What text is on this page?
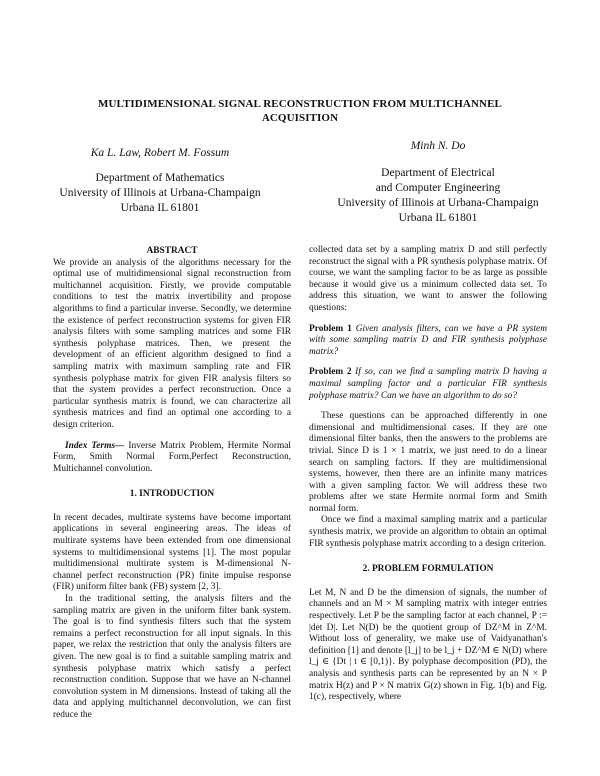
MULTIDIMENSIONAL SIGNAL RECONSTRUCTION FROM MULTICHANNEL
ACQUISITION
Ka L. Law, Robert M. Fossum
Department of Mathematics
University of Illinois at Urbana-Champaign
Urbana IL 61801
Minh N. Do
Department of Electrical
and Computer Engineering
University of Illinois at Urbana-Champaign
Urbana IL 61801

ABSTRACT

We provide an analysis of the algorithms necessary for the optimal use of multidimensional signal reconstruction from multichannel acquisition. Firstly, we provide computable conditions to test the matrix invertibility and propose algorithms to find a particular inverse. Secondly, we determine the existence of perfect reconstruction systems for given FIR analysis filters with some sampling matrices and some FIR synthesis polyphase matrices. Then, we present the development of an efficient algorithm designed to find a sampling matrix with maximum sampling rate and FIR synthesis polyphase matrix for given FIR analysis filters so that the system provides a perfect reconstruction. Once a particular synthesis matrix is found, we can characterize all synthesis matrices and find an optimal one according to a design criterion.

Index Terms— Inverse Matrix Problem, Hermite Normal Form, Smith Normal Form,Perfect Reconstruction, Multichannel convolution.

1. INTRODUCTION

In recent decades, multirate systems have become important applications in several engineering areas. The ideas of multirate systems have been extended from one dimensional systems to multidimensional systems [1]. The most popular multidimensional multirate system is M-dimensional N-channel perfect reconstruction (PR) finite impulse response (FIR) uniform filter bank (FB) system [2, 3].

In the traditional setting, the analysis filters and the sampling matrix are given in the uniform filter bank system. The goal is to find synthesis filters such that the system remains a perfect reconstruction for all input signals. In this paper, we relax the restriction that only the analysis filters are given. The new goal is to find a suitable sampling matrix and synthesis polyphase matrix which satisfy a perfect reconstruction condition. Suppose that we have an N-channel convolution system in M dimensions. Instead of taking all the data and applying multichannel deconvolution, we can first reduce the

collected data set by a sampling matrix D and still perfectly reconstruct the signal with a PR synthesis polyphase matrix. Of course, we want the sampling factor to be as large as possible because it would give us a minimum collected data set. To address this situation, we want to answer the following questions:

Problem 1 Given analysis filters, can we have a PR system with some sampling matrix D and FIR synthesis polyphase matrix?

Problem 2 If so, can we find a sampling matrix D having a maximal sampling factor and a particular FIR synthesis polyphase matrix? Can we have an algorithm to do so?

These questions can be approached differently in one dimensional and multidimensional cases. If they are one dimensional filter banks, then the answers to the problems are trivial. Since D is 1 × 1 matrix, we just need to do a linear search on sampling factors. If they are multidimensional systems, however, then there are an infinite many matrices with a given sampling factor. We will address these two problems after we state Hermite normal form and Smith normal form.

Once we find a maximal sampling matrix and a particular synthesis matrix, we provide an algorithm to obtain an optimal FIR synthesis polyphase matrix according to a design criterion.

2. PROBLEM FORMULATION

Let M, N and D be the dimension of signals, the number of channels and an M × M sampling matrix with integer entries respectively. Let P be the sampling factor at each channel, P := |det D|. Let N(D) be the quotient group of DZ^M in Z^M. Without loss of generality, we make use of Vaidyanathan's definition [1] and denote [l_j] to be l_j + DZ^M ∈ N(D) where l_j ∈ {Dt | t ∈ [0,1)}. By polyphase decomposition (PD), the analysis and synthesis parts can be represented by an N × P matrix H(z) and P × N matrix G(z) shown in Fig. 1(b) and Fig. 1(c), respectively, where
